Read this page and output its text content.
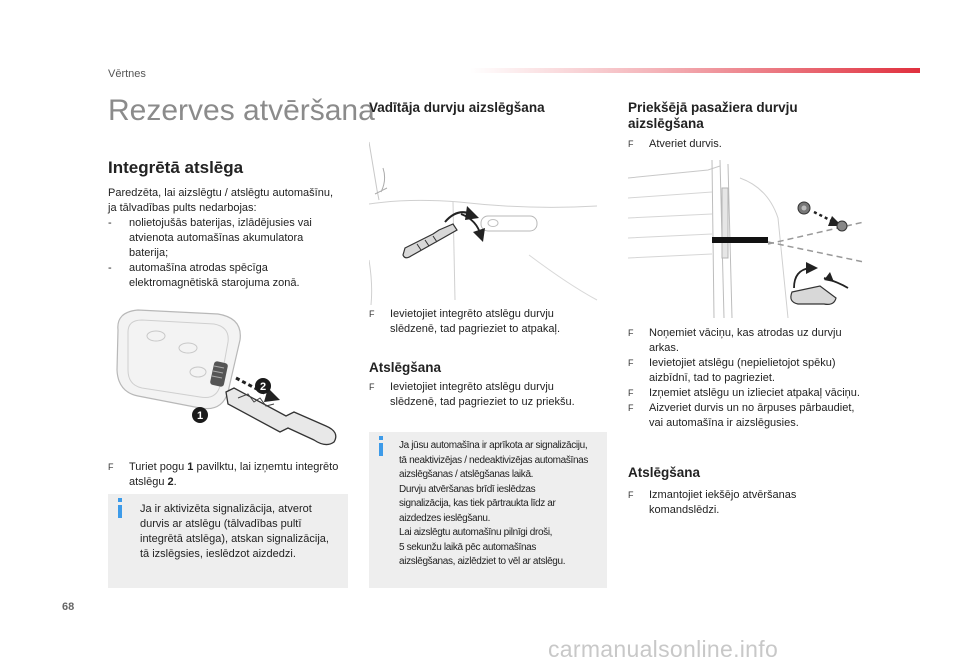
Vērtnes
68
Rezerves atvēršana
Integrētā atslēga
Paredzēta, lai aizslēgtu / atslēgtu automašīnu,
ja tālvadības pults nedarbojas:
- nolietojušās baterijas, izlādējusies vai
atvienota automašīnas akumulatora
baterija;
- automašīna atrodas spēcīga
elektromagnētiskā starojuma zonā.
1
2
F Turiet pogu 1 pavilktu, lai izņemtu integrēto
atslēgu 2.
Ja ir aktivizēta signalizācija, atverot
durvis ar atslēgu (tālvadības pultī
integrētā atslēga), atskan signalizācija,
tā izslēgsies, ieslēdzot aizdedzi.
Vadītāja durvju aizslēgšana
F Ievietojiet integrēto atslēgu durvju
slēdzenē, tad pagrieziet to atpakaļ.
Atslēgšana
F Ievietojiet integrēto atslēgu durvju
slēdzenē, tad pagrieziet to uz priekšu.
Ja jūsu automašīna ir aprīkota ar signalizāciju,
tā neaktivizējas / nedeaktivizējas automašīnas
aizslēgšanas / atslēgšanas laikā.
Durvju atvēršanas brīdī ieslēdzas
signalizācija, kas tiek pārtraukta līdz ar
aizdedzes ieslēgšanu.
Lai aizslēgtu automašīnu pilnīgi droši,
5 sekunžu laikā pēc automašīnas
aizslēgšanas, aizlēdziet to vēl ar atslēgu.
Priekšējā pasažiera durvju
aizslēgšana
F Atveriet durvis.
F Noņemiet vāciņu, kas atrodas uz durvju
arkas.
F Ievietojiet atslēgu (nepielietojot spēku)
aizbīdnī, tad to pagrieziet.
F Izņemiet atslēgu un izlieciet atpakaļ vāciņu.
F Aizveriet durvis un no ārpuses pārbaudiet,
vai automašīna ir aizslēgusies.
Atslēgšana
F Izmantojiet iekšējo atvēršanas
komandslēdzi.
carmanualsonline.info
